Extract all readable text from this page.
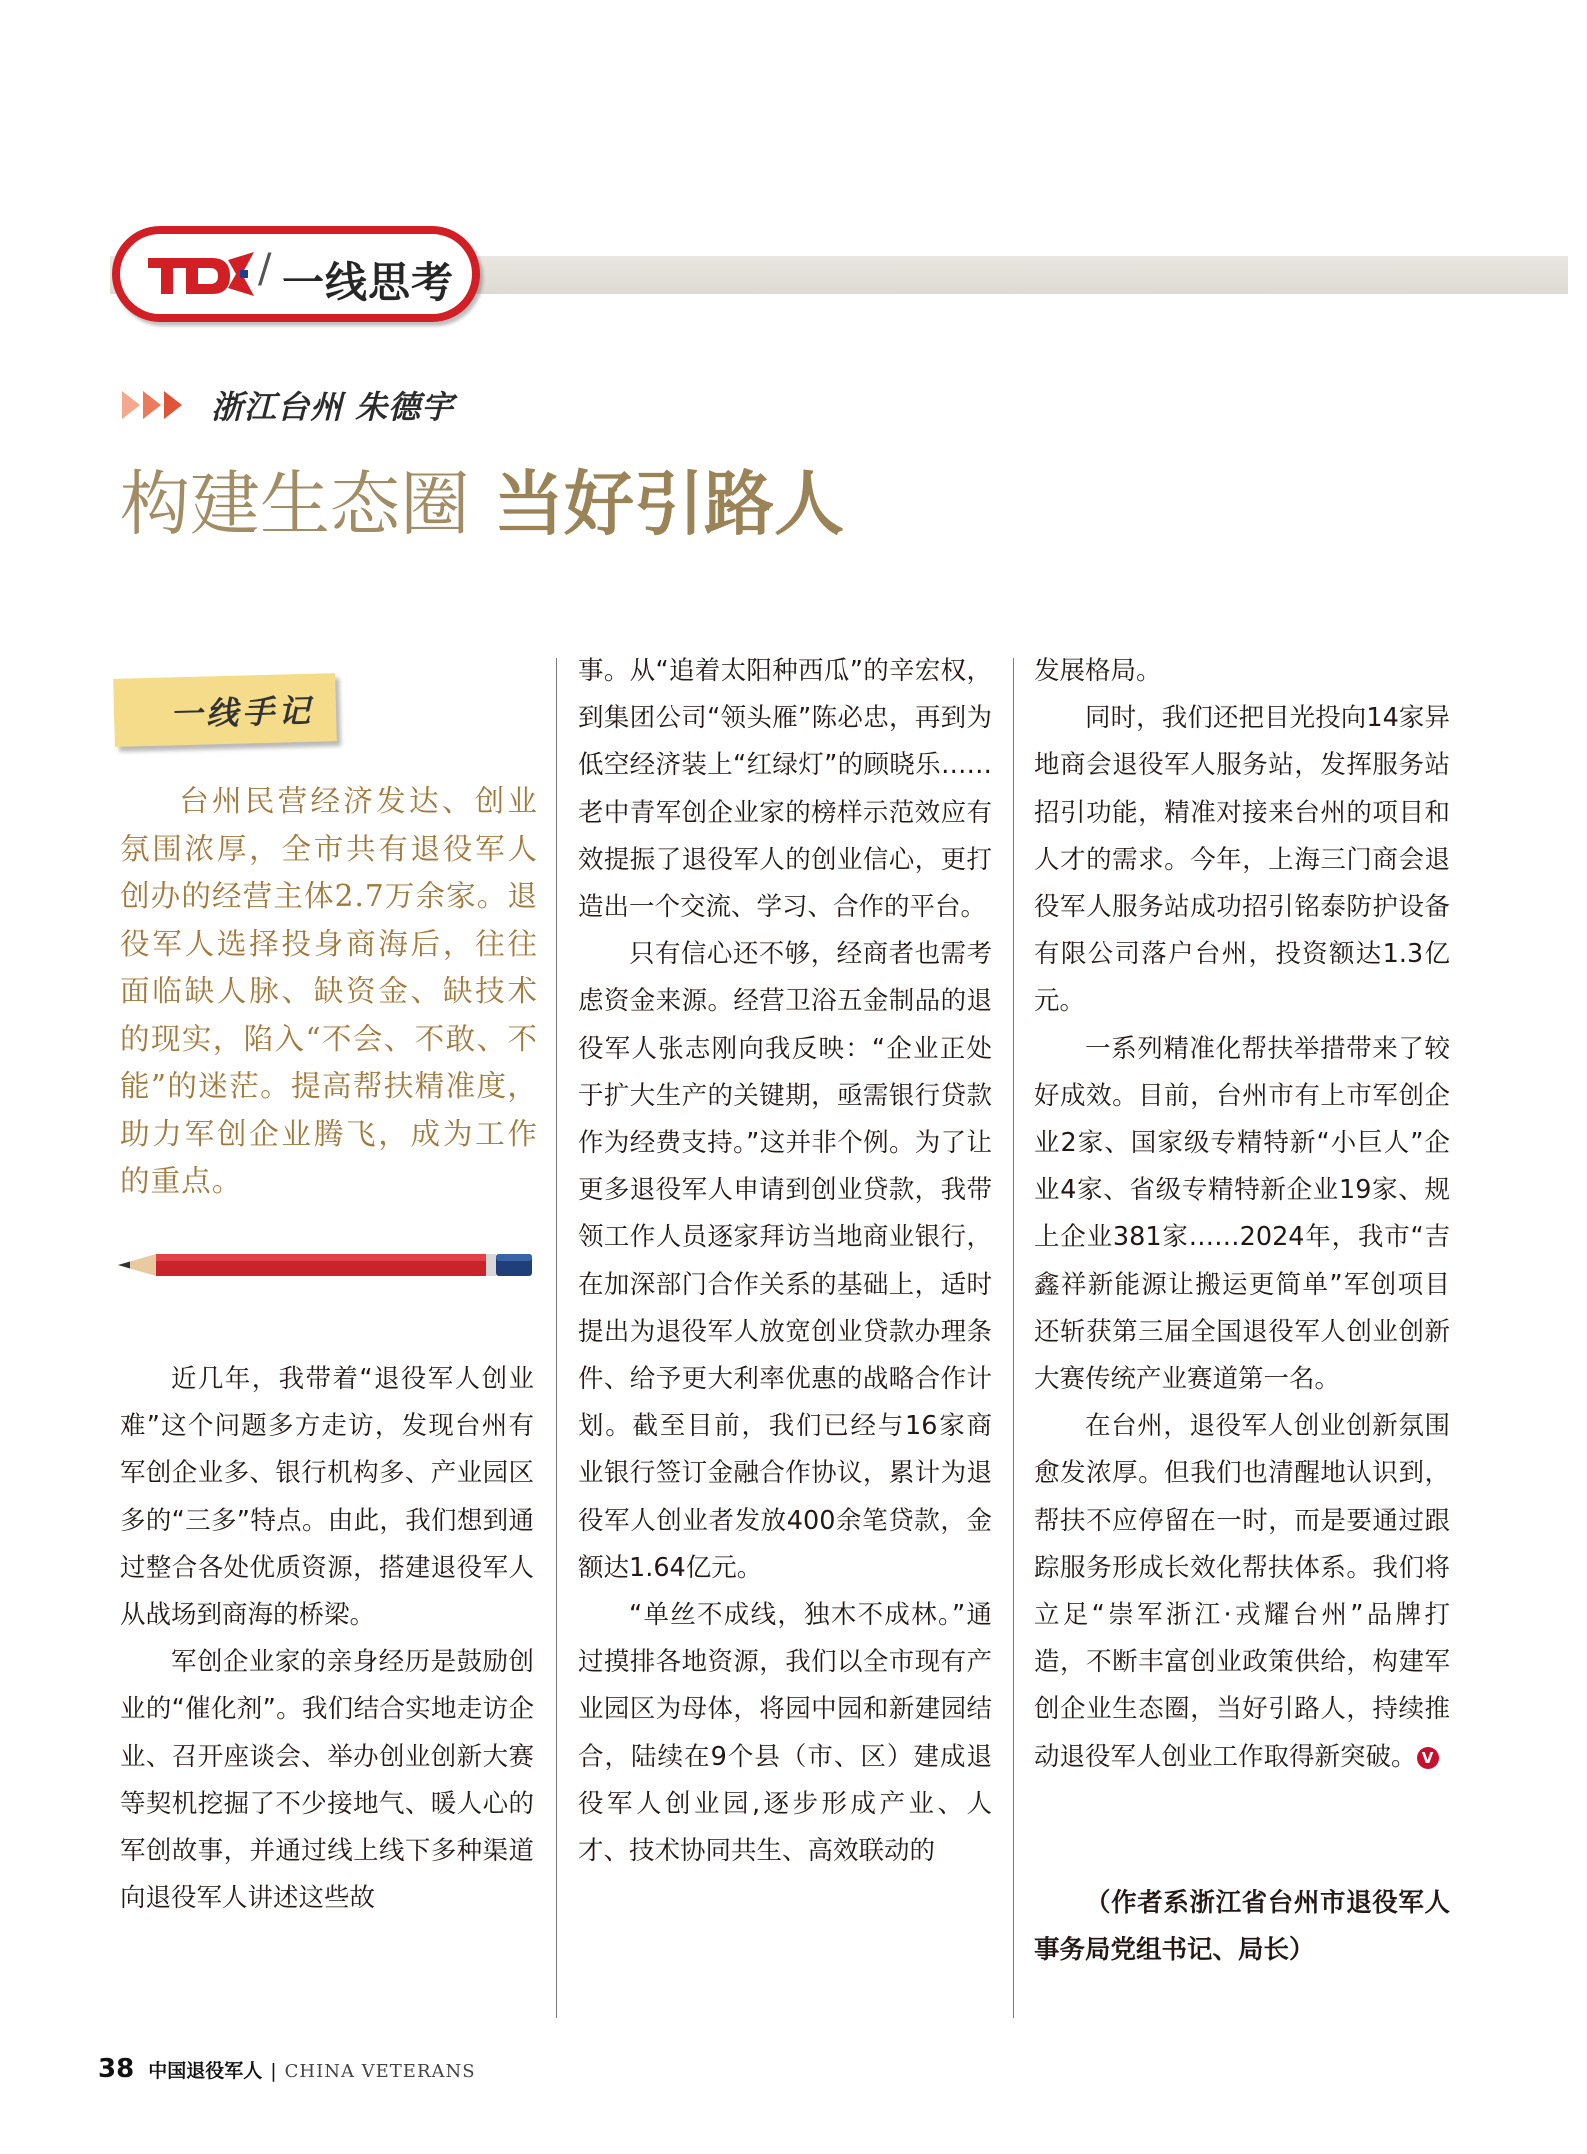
/ 一线思考
浙江台州 朱德宇
构建生态圈 当好引路人
一线手记

台州民营经济发达、创业氛围浓厚，全市共有退役军人创办的经营主体2.7万余家。退役军人选择投身商海后，往往面临缺人脉、缺资金、缺技术的现实，陷入“不会、不敢、不能”的迷茫。提高帮扶精准度，助力军创企业腾飞，成为工作的重点。

近几年，我带着“退役军人创业难”这个问题多方走访，发现台州有军创企业多、银行机构多、产业园区多的“三多”特点。由此，我们想到通过整合各处优质资源，搭建退役军人从战场到商海的桥梁。

军创企业家的亲身经历是鼓励创业的“催化剂”。我们结合实地走访企业、召开座谈会、举办创业创新大赛等契机挖掘了不少接地气、暖人心的军创故事，并通过线上线下多种渠道向退役军人讲述这些故

事。从“追着太阳种西瓜”的辛宏权，到集团公司“领头雁”陈必忠，再到为低空经济装上“红绿灯”的顾晓乐……老中青军创企业家的榜样示范效应有效提振了退役军人的创业信心，更打造出一个交流、学习、合作的平台。

只有信心还不够，经商者也需考虑资金来源。经营卫浴五金制品的退役军人张志刚向我反映：“企业正处于扩大生产的关键期，亟需银行贷款作为经费支持。”这并非个例。为了让更多退役军人申请到创业贷款，我带领工作人员逐家拜访当地商业银行，在加深部门合作关系的基础上，适时提出为退役军人放宽创业贷款办理条件、给予更大利率优惠的战略合作计划。截至目前，我们已经与16家商业银行签订金融合作协议，累计为退役军人创业者发放400余笔贷款，金额达1.64亿元。

“单丝不成线，独木不成林。”通过摸排各地资源，我们以全市现有产业园区为母体，将园中园和新建园结合，陆续在9个县（市、区）建成退役军人创业园,逐步形成产业、人才、技术协同共生、高效联动的

发展格局。

同时，我们还把目光投向14家异地商会退役军人服务站，发挥服务站招引功能，精准对接来台州的项目和人才的需求。今年，上海三门商会退役军人服务站成功招引铭泰防护设备有限公司落户台州，投资额达1.3亿元。

一系列精准化帮扶举措带来了较好成效。目前，台州市有上市军创企业2家、国家级专精特新“小巨人”企业4家、省级专精特新企业19家、规上企业381家……2024年，我市“吉鑫祥新能源让搬运更简单”军创项目还斩获第三届全国退役军人创业创新大赛传统产业赛道第一名。

在台州，退役军人创业创新氛围愈发浓厚。但我们也清醒地认识到，帮扶不应停留在一时，而是要通过跟踪服务形成长效化帮扶体系。我们将立足“崇军浙江·戎耀台州”品牌打造，不断丰富创业政策供给，构建军创企业生态圈，当好引路人，持续推动退役军人创业工作取得新突破。 V

（作者系浙江省台州市退役军人事务局党组书记、局长）

38 中国退役军人 | CHINA VETERANS
